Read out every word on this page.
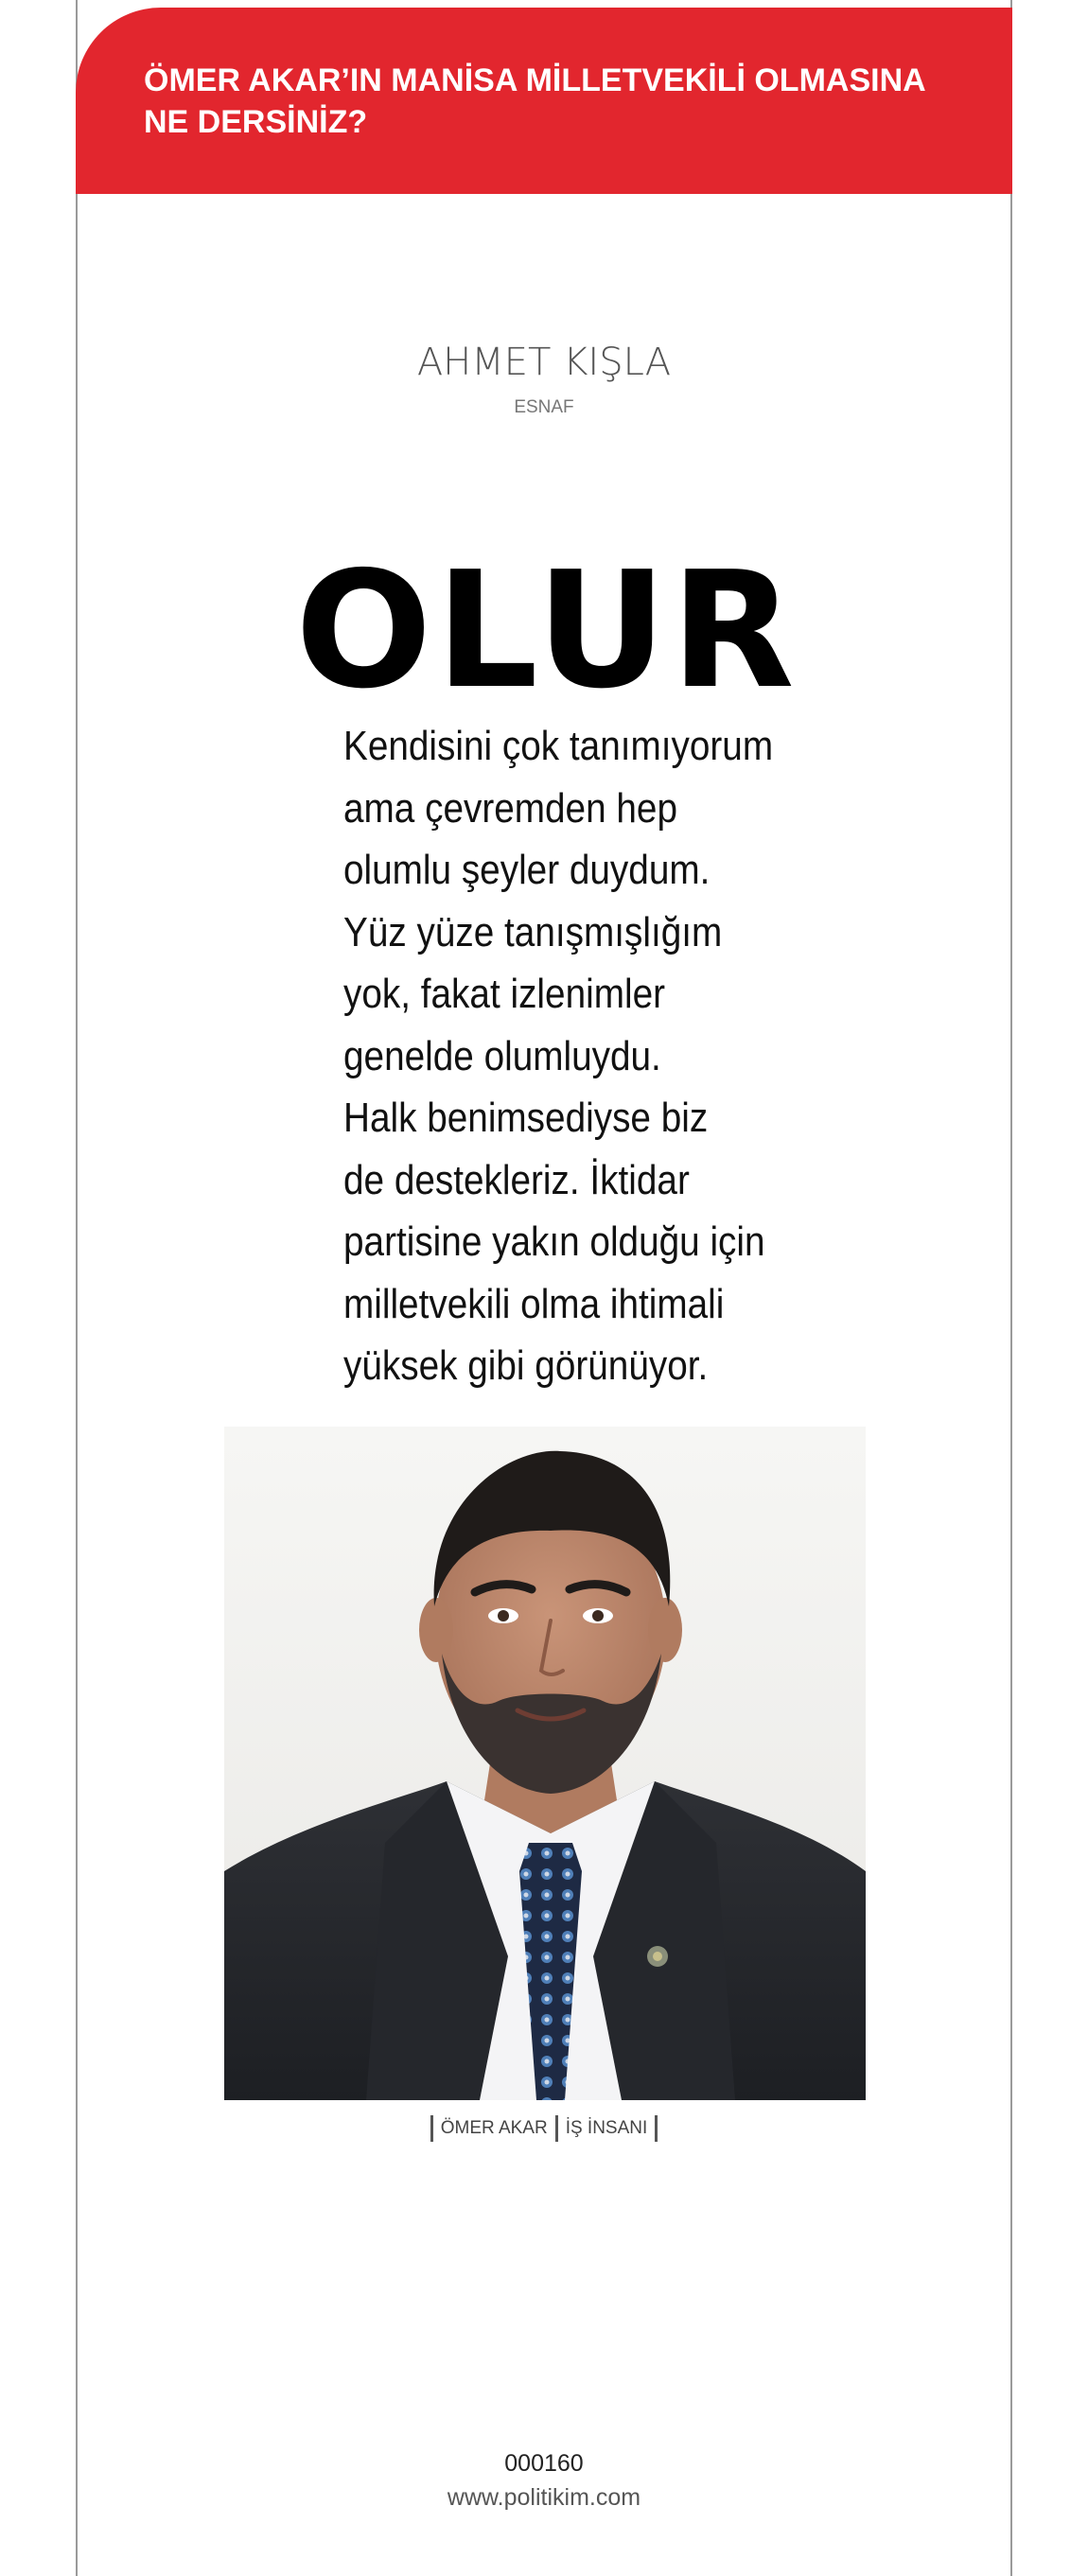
ÖMER AKAR’IN MANİSA MİLLETVEKİLİ OLMASINA NE DERSİNİZ?
AHMET KIŞLA
ESNAF
OLUR
Kendisini çok tanımıyorum
ama çevremden hep
olumlu şeyler duydum.
Yüz yüze tanışmışlığım
yok, fakat izlenimler
genelde olumluydu.
Halk benimsediyse biz
de destekleriz. İktidar
partisine yakın olduğu için
milletvekili olma ihtimali
yüksek gibi görünüyor.
ÖMER AKAR İŞ İNSANI
000160
www.politikim.com
